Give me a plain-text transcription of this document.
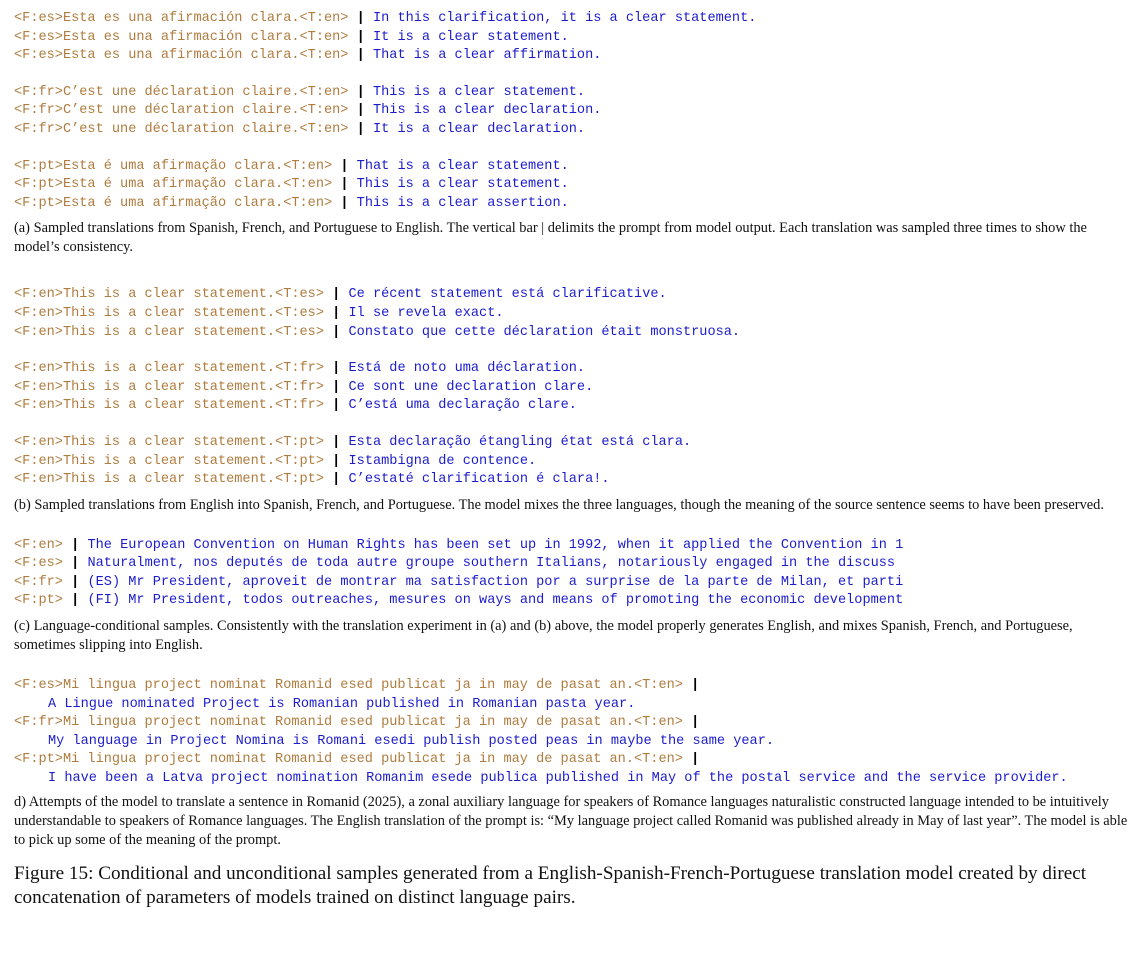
<F:es>Esta es una afirmación clara.<T:en> | In this clarification, it is a clear statement.
<F:es>Esta es una afirmación clara.<T:en> | It is a clear statement.
<F:es>Esta es una afirmación clara.<T:en> | That is a clear affirmation.
<F:fr>C’est une déclaration claire.<T:en> | This is a clear statement.
<F:fr>C’est une déclaration claire.<T:en> | This is a clear declaration.
<F:fr>C’est une déclaration claire.<T:en> | It is a clear declaration.
<F:pt>Esta é uma afirmação clara.<T:en> | That is a clear statement.
<F:pt>Esta é uma afirmação clara.<T:en> | This is a clear statement.
<F:pt>Esta é uma afirmação clara.<T:en> | This is a clear assertion.

(a) Sampled translations from Spanish, French, and Portuguese to English. The vertical bar | delimits the prompt from model output. Each translation was sampled three times to show the model’s consistency.

<F:en>This is a clear statement.<T:es> | Ce récent statement está clarificative.
<F:en>This is a clear statement.<T:es> | Il se revela exact.
<F:en>This is a clear statement.<T:es> | Constato que cette déclaration était monstruosa.
<F:en>This is a clear statement.<T:fr> | Está de noto uma déclaration.
<F:en>This is a clear statement.<T:fr> | Ce sont une declaration clare.
<F:en>This is a clear statement.<T:fr> | C’está uma declaração clare.
<F:en>This is a clear statement.<T:pt> | Esta declaração étangling état está clara.
<F:en>This is a clear statement.<T:pt> | Istambigna de contence.
<F:en>This is a clear statement.<T:pt> | C’estaté clarification é clara!.

(b) Sampled translations from English into Spanish, French, and Portuguese. The model mixes the three languages, though the meaning of the source sentence seems to have been preserved.

<F:en> | The European Convention on Human Rights has been set up in 1992, when it applied the Convention in 1
<F:es> | Naturalment, nos deputés de toda autre groupe southern Italians, notariously engaged in the discuss
<F:fr> | (ES) Mr President, aproveit de montrar ma satisfaction por a surprise de la parte de Milan, et parti
<F:pt> | (FI) Mr President, todos outreaches, mesures on ways and means of promoting the economic development

(c) Language-conditional samples. Consistently with the translation experiment in (a) and (b) above, the model properly generates English, and mixes Spanish, French, and Portuguese, sometimes slipping into English.

<F:es>Mi lingua project nominat Romanid esed publicat ja in may de pasat an.<T:en> |
A Lingue nominated Project is Romanian published in Romanian pasta year.
<F:fr>Mi lingua project nominat Romanid esed publicat ja in may de pasat an.<T:en> |
My language in Project Nomina is Romani esedi publish posted peas in maybe the same year.
<F:pt>Mi lingua project nominat Romanid esed publicat ja in may de pasat an.<T:en> |
I have been a Latva project nomination Romanim esede publica published in May of the postal service and the service provider.

d) Attempts of the model to translate a sentence in Romanid (2025), a zonal auxiliary language for speakers of Romance languages naturalistic constructed language intended to be intuitively understandable to speakers of Romance languages. The English translation of the prompt is: “My language project called Romanid was published already in May of last year”. The model is able to pick up some of the meaning of the prompt.

Figure 15: Conditional and unconditional samples generated from a English-Spanish-French-Portuguese translation model created by direct concatenation of parameters of models trained on distinct language pairs.
